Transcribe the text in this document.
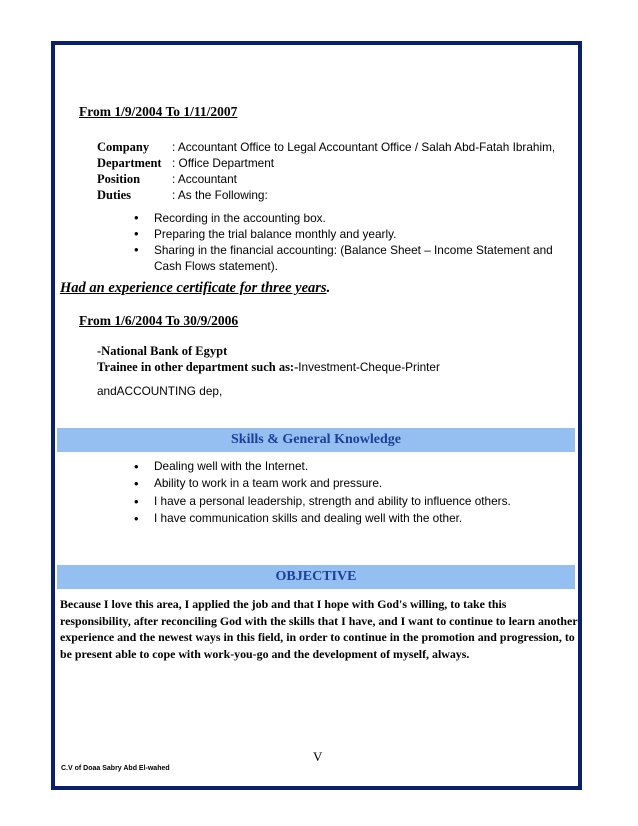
From 1/9/2004 To 1/11/2007
Company : Accountant Office to Legal Accountant Office / Salah Abd-Fatah Ibrahim,
Department : Office Department
Position	: Accountant
Duties	: As the Following:
• Recording in the accounting box.
• Preparing the trial balance monthly and yearly.
• Sharing in the financial accounting: (Balance Sheet – Income Statement and Cash Flows statement).
Had an experience certificate for three years.
From 1/6/2004 To 30/9/2006
-National Bank of Egypt
Trainee in other department such as:-Investment-Cheque-Printer
andACCOUNTING dep,
Skills & General Knowledge
• Dealing well with the Internet.
• Ability to work in a team work and pressure.
• I have a personal leadership, strength and ability to influence others.
• I have communication skills and dealing well with the other.
OBJECTIVE
Because I love this area, I applied the job and that I hope with God's willing, to take this responsibility, after reconciling God with the skills that I have, and I want to continue to learn another experience and the newest ways in this field, in order to continue in the promotion and progression, to be present able to cope with work-you-go and the development of myself, always.
V
C.V of Doaa Sabry Abd El-wahed
